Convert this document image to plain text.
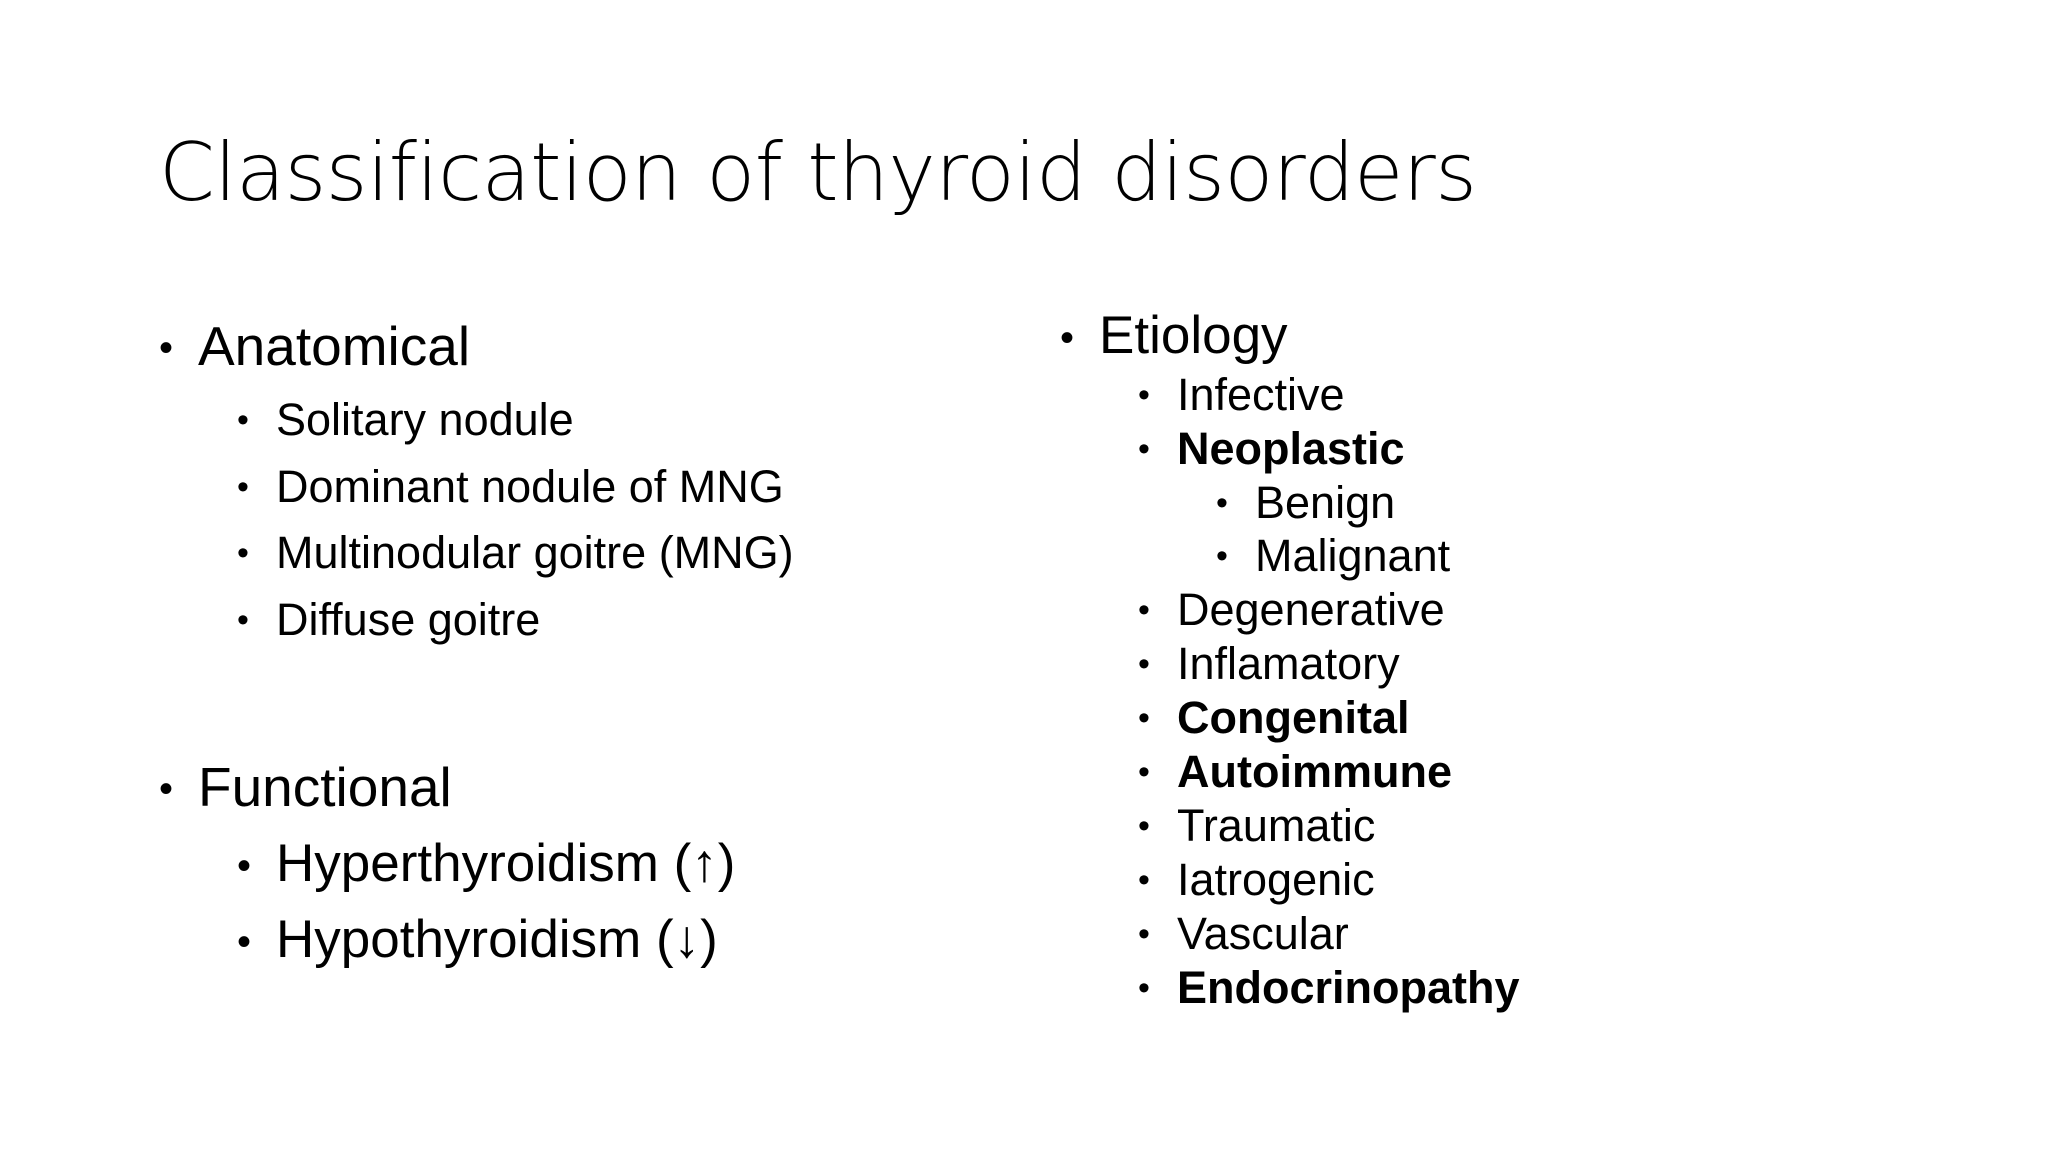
Classification of thyroid disorders
• Anatomical
• Solitary nodule
• Dominant nodule of MNG
• Multinodular goitre (MNG)
• Diffuse goitre
• Functional
• Hyperthyroidism (↑)
• Hypothyroidism (↓)
• Etiology
• Infective
• Neoplastic
• Benign
• Malignant
• Degenerative
• Inflamatory
• Congenital
• Autoimmune
• Traumatic
• Iatrogenic
• Vascular
• Endocrinopathy
